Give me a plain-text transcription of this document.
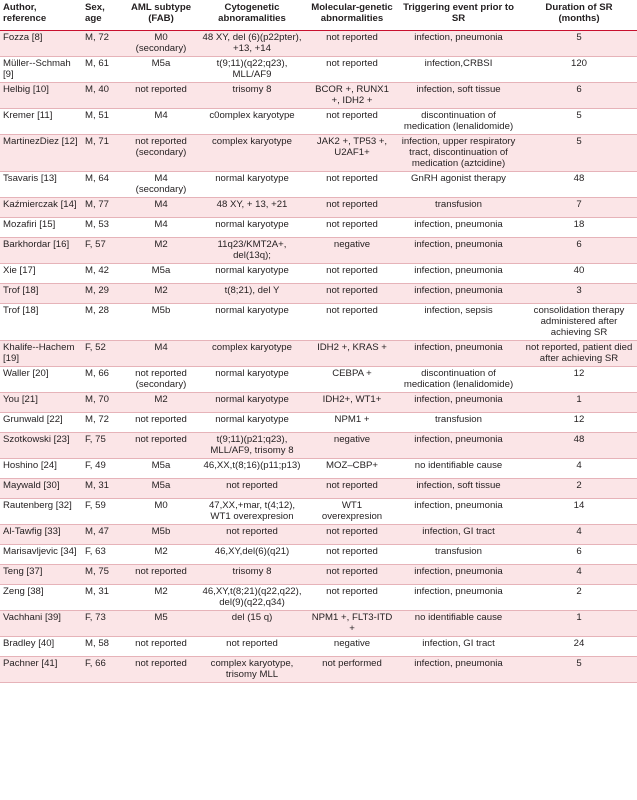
Author, reference	Sex, age	AML subtype (FAB)	Cytogenetic abnoramalities	Molecular-genetic abnormalities	Triggering event prior to SR	Duration of SR (months)
Fozza [8]	M, 72	M0 (secondary)	48 XY, del (6)(p22pter), +13, +14	not reported	infection, pneumonia	5
Müller--Schmah [9]	M, 61	M5a	t(9;11)(q22;q23), MLL/AF9	not reported	infection,CRBSI	120
Helbig [10]	M, 40	not reported	trisomy 8	BCOR +, RUNX1 +, IDH2 +	infection, soft tissue	6
Kremer [11]	M, 51	M4	c0omplex karyotype	not reported	discontinuation of medication (lenalidomide)	5
MartinezDiez [12]	M, 71	not reported (secondary)	complex karyotype	JAK2 +, TP53 +, U2AF1+	infection, upper respiratory tract, discontinuation of medication (aztcidine)	5
Tsavaris [13]	M, 64	M4 (secondary)	normal karyotype	not reported	GnRH agonist therapy	48
Kaźmierczak [14]	M, 77	M4	48 XY, + 13, +21	not reported	transfusion	7
Mozafiri [15]	M, 53	M4	normal karyotype	not reported	infection, pneumonia	18
Barkhordar [16]	F, 57	M2	11q23/KMT2A+, del(13q);	negative	infection, pneumonia	6
Xie [17]	M, 42	M5a	normal karyotype	not reported	infection, pneumonia	40
Trof [18]	M, 29	M2	t(8;21), del Y	not reported	infection, pneumonia	3
Trof [18]	M, 28	M5b	normal karyotype	not reported	infection, sepsis	consolidation therapy administered after achieving SR
Khalife--Hachem [19]	F, 52	M4	complex karyotype	IDH2 +, KRAS +	infection, pneumonia	not reported, patient died after achieving SR
Waller [20]	M, 66	not reported (secondary)	normal karyotype	CEBPA +	discontinuation of medication (lenalidomide)	12
You [21]	M, 70	M2	normal karyotype	IDH2+, WT1+	infection, pneumonia	1
Grunwald [22]	M, 72	not reported	normal karyotype	NPM1 +	transfusion	12
Szotkowski [23]	F, 75	not reported	t(9;11)(p21;q23), MLL/AF9, trisomy 8	negative	infection, pneumonia	48
Hoshino [24]	F, 49	M5a	46,XX,t(8;16)(p11;p13)	MOZ–CBP+	no identifiable cause	4
Maywald [30]	M, 31	M5a	not reported	not reported	infection, soft tissue	2
Rautenberg [32]	F, 59	M0	47,XX,+mar, t(4;12), WT1 overexpresion	WT1 overexpresion	infection, pneumonia	14
Al-Tawfig [33]	M, 47	M5b	not reported	not reported	infection, GI tract	4
Marisavljevic [34]	F, 63	M2	46,XY,del(6)(q21)	not reported	transfusion	6
Teng [37]	M, 75	not reported	trisomy 8	not reported	infection, pneumonia	4
Zeng [38]	M, 31	M2	46,XY,t(8;21)(q22,q22), del(9)(q22,q34)	not reported	infection, pneumonia	2
Vachhani [39]	F, 73	M5	del (15 q)	NPM1 +, FLT3-ITD +	no identifiable cause	1
Bradley [40]	M, 58	not reported	not reported	negative	infection, GI tract	24
Pachner [41]	F, 66	not reported	complex karyotype, trisomy MLL	not performed	infection, pneumonia	5
